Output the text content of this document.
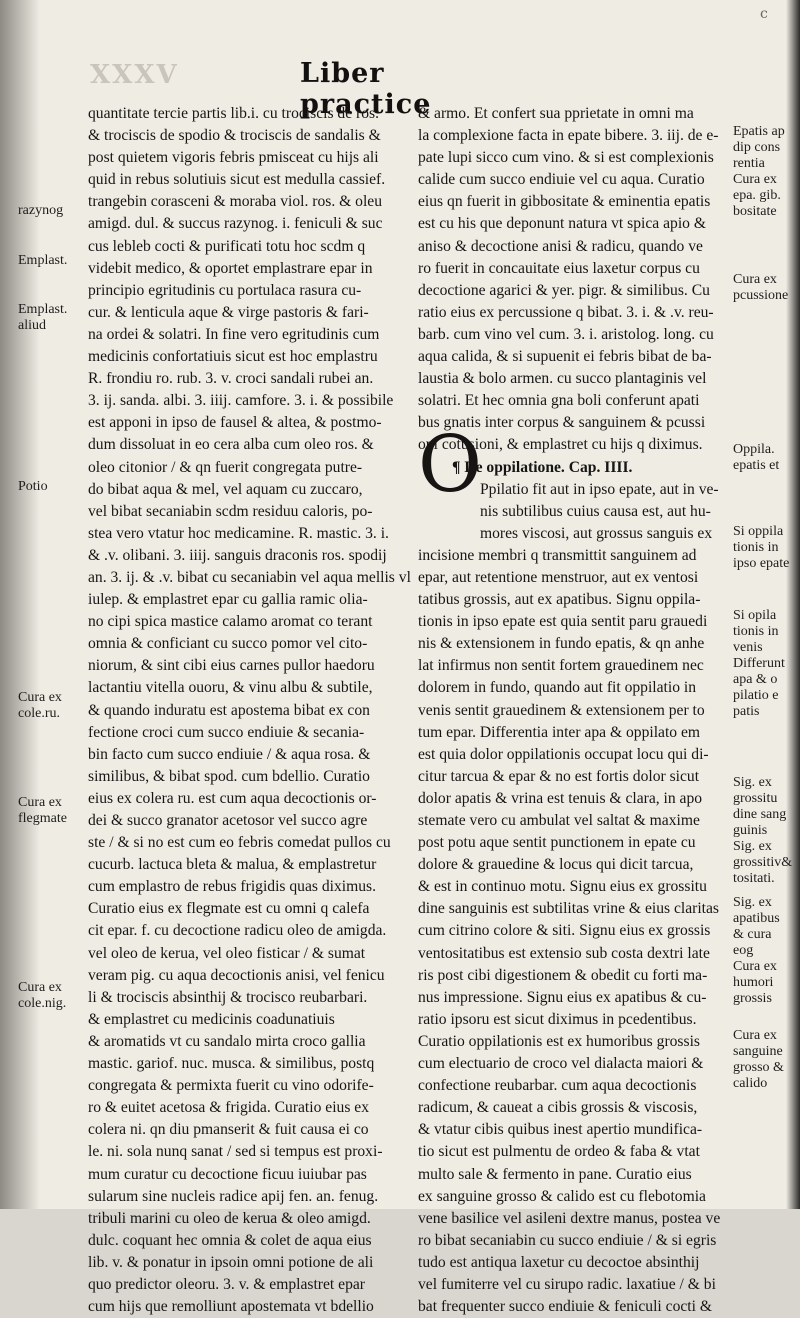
XXXV
c
Liber practice
quantitate tercie partis lib.i. cu trociscis de ros.
& trociscis de spodio & trociscis de sandalis &
post quietem vigoris febris pmisceat cu hijs ali
quid in rebus solutiuis sicut est medulla cassief.
trangebin corasceni & moraba viol. ros. & oleu
amigd. dul. & succus razynog. i. feniculi & suc
cus lebleb cocti & purificati totu hoc scdm q
videbit medico, & oportet emplastrare epar in
principio egritudinis cu portulaca rasura cu-
cur. & lenticula aque & virge pastoris & fari-
na ordei & solatri. In fine vero egritudinis cum
medicinis confortatiuis sicut est hoc emplastru
R. frondiu ro. rub. 3. v. croci sandali rubei an.
3. ij. sanda. albi. 3. iiij. camfore. 3. i. & possibile
est apponi in ipso de fausel & altea, & postmo-
dum dissoluat in eo cera alba cum oleo ros. &
oleo citonior / & qn fuerit congregata putre-
do bibat aqua & mel, vel aquam cu zuccaro,
vel bibat secaniabin scdm residuu caloris, po-
stea vero vtatur hoc medicamine. R. mastic. 3. i.
& .v. olibani. 3. iiij. sanguis draconis ros. spodij
an. 3. ij. & .v. bibat cu secaniabin vel aqua mellis vl
iulep. & emplastret epar cu gallia ramic olia-
no cipi spica mastice calamo aromat co terant
omnia & conficiant cu succo pomor vel cito-
niorum, & sint cibi eius carnes pullor haedoru
lactantiu vitella ouoru, & vinu albu & subtile,
& quando induratu est apostema bibat ex con
fectione croci cum succo endiuie & secania-
bin facto cum succo endiuie / & aqua rosa. &
similibus, & bibat spod. cum bdellio. Curatio
eius ex colera ru. est cum aqua decoctionis or-
dei & succo granator acetosor vel succo agre
ste / & si no est cum eo febris comedat pullos cu
cucurb. lactuca bleta & malua, & emplastretur
cum emplastro de rebus frigidis quas diximus.
Curatio eius ex flegmate est cu omni q calefa
cit epar. f. cu decoctione radicu oleo de amigda.
vel oleo de kerua, vel oleo fisticar / & sumat
veram pig. cu aqua decoctionis anisi, vel fenicu
li & trociscis absinthij & trocisco reubarbari.
& emplastret cu medicinis coadunatiuis
& aromatids vt cu sandalo mirta croco gallia
mastic. gariof. nuc. musca. & similibus, postq
congregata & permixta fuerit cu vino odorife-
ro & euitet acetosa & frigida. Curatio eius ex
colera ni. qn diu pmanserit & fuit causa ei co
le. ni. sola nunq sanat / sed si tempus est proxi-
mum curatur cu decoctione ficuu iuiubar pas
sularum sine nucleis radice apij fen. an. fenug.
tribuli marini cu oleo de kerua & oleo amigd.
dulc. coquant hec omnia & colet de aqua eius
lib. v. & ponatur in ipsoin omni potione de ali
quo predictor oleoru. 3. v. & emplastret epar
cum hijs que remolliunt apostemata vt bdellio
& armo. Et confert sua pprietate in omni ma
la complexione facta in epate bibere. 3. iij. de e-
pate lupi sicco cum vino. & si est complexionis
calide cum succo endiuie vel cu aqua. Curatio
eius qn fuerit in gibbositate & eminentia epatis
est cu his que deponunt natura vt spica apio &
aniso & decoctione anisi & radicu, quando ve
ro fuerit in concauitate eius laxetur corpus cu
decoctione agarici & yer. pigr. & similibus. Cu
ratio eius ex percussione q bibat. 3. i. & .v. reu-
barb. cum vino vel cum. 3. i. aristolog. long. cu
aqua calida, & si supuenit ei febris bibat de ba-
laustia & bolo armen. cu succo plantaginis vel
solatri. Et hec omnia gna boli conferunt apati
bus gnatis inter corpus & sanguinem & pcussi
oni cotusioni, & emplastret cu hijs q diximus.
¶ De oppilatione. Cap. IIII.
Ppilatio fit aut in ipso epate, aut in ve-
nis subtilibus cuius causa est, aut hu-
mores viscosi, aut grossus sanguis ex
incisione membri q transmittit sanguinem ad
epar, aut retentione menstruor, aut ex ventosi
tatibus grossis, aut ex apatibus. Signu oppila-
tionis in ipso epate est quia sentit paru grauedi
nis & extensionem in fundo epatis, & qn anhe
lat infirmus non sentit fortem grauedinem nec
dolorem in fundo, quando aut fit oppilatio in
venis sentit grauedinem & extensionem per to
tum epar. Differentia inter apa & oppilato em
est quia dolor oppilationis occupat locu qui di-
citur tarcua & epar & no est fortis dolor sicut
dolor apatis & vrina est tenuis & clara, in apo
stemate vero cu ambulat vel saltat & maxime
post potu aque sentit punctionem in epate cu
dolore & grauedine & locus qui dicit tarcua,
& est in continuo motu. Signu eius ex grossitu
dine sanguinis est subtilitas vrine & eius claritas
cum citrino colore & siti. Signu eius ex grossis
ventositatibus est extensio sub costa dextri late
ris post cibi digestionem & obedit cu forti ma-
nus impressione. Signu eius ex apatibus & cu-
ratio ipsoru est sicut diximus in pcedentibus.
Curatio oppilationis est ex humoribus grossis
cum electuario de croco vel dialacta maiori &
confectione reubarbar. cum aqua decoctionis
radicum, & caueat a cibis grossis & viscosis,
& vtatur cibis quibus inest apertio mundifica-
tio sicut est pulmentu de ordeo & faba & vtat
multo sale & fermento in pane. Curatio eius
ex sanguine grosso & calido est cu flebotomia
vene basilice vel asileni dextre manus, postea ve
ro bibat secaniabin cu succo endiuie / & si egris
tudo est antiqua laxetur cu decoctoe absinthij
vel fumiterre vel cu sirupo radic. laxatiue / & bi
bat frequenter succo endiuie & feniculi cocti &
O
razynog
Emplast.
Emplast.
aliud
Potio
Cura ex
cole.ru.
Cura ex
flegmate
Cura ex
cole.nig.
Epatis ap
dip cons
rentia
Cura ex
epa. gib.
bositate
Cura ex
pcussione
Oppila.
epatis et
Si oppila
tionis in
ipso epate
Si opila
tionis in
venis
Differunt
apa & o
pilatio e
patis
Sig. ex
grossitu
dine sang
guinis
Sig. ex
grossitiv&
tositati.
Sig. ex
apatibus
& cura
eog
Cura ex
humori
grossis
Cura ex
sanguine
grosso &
calido
